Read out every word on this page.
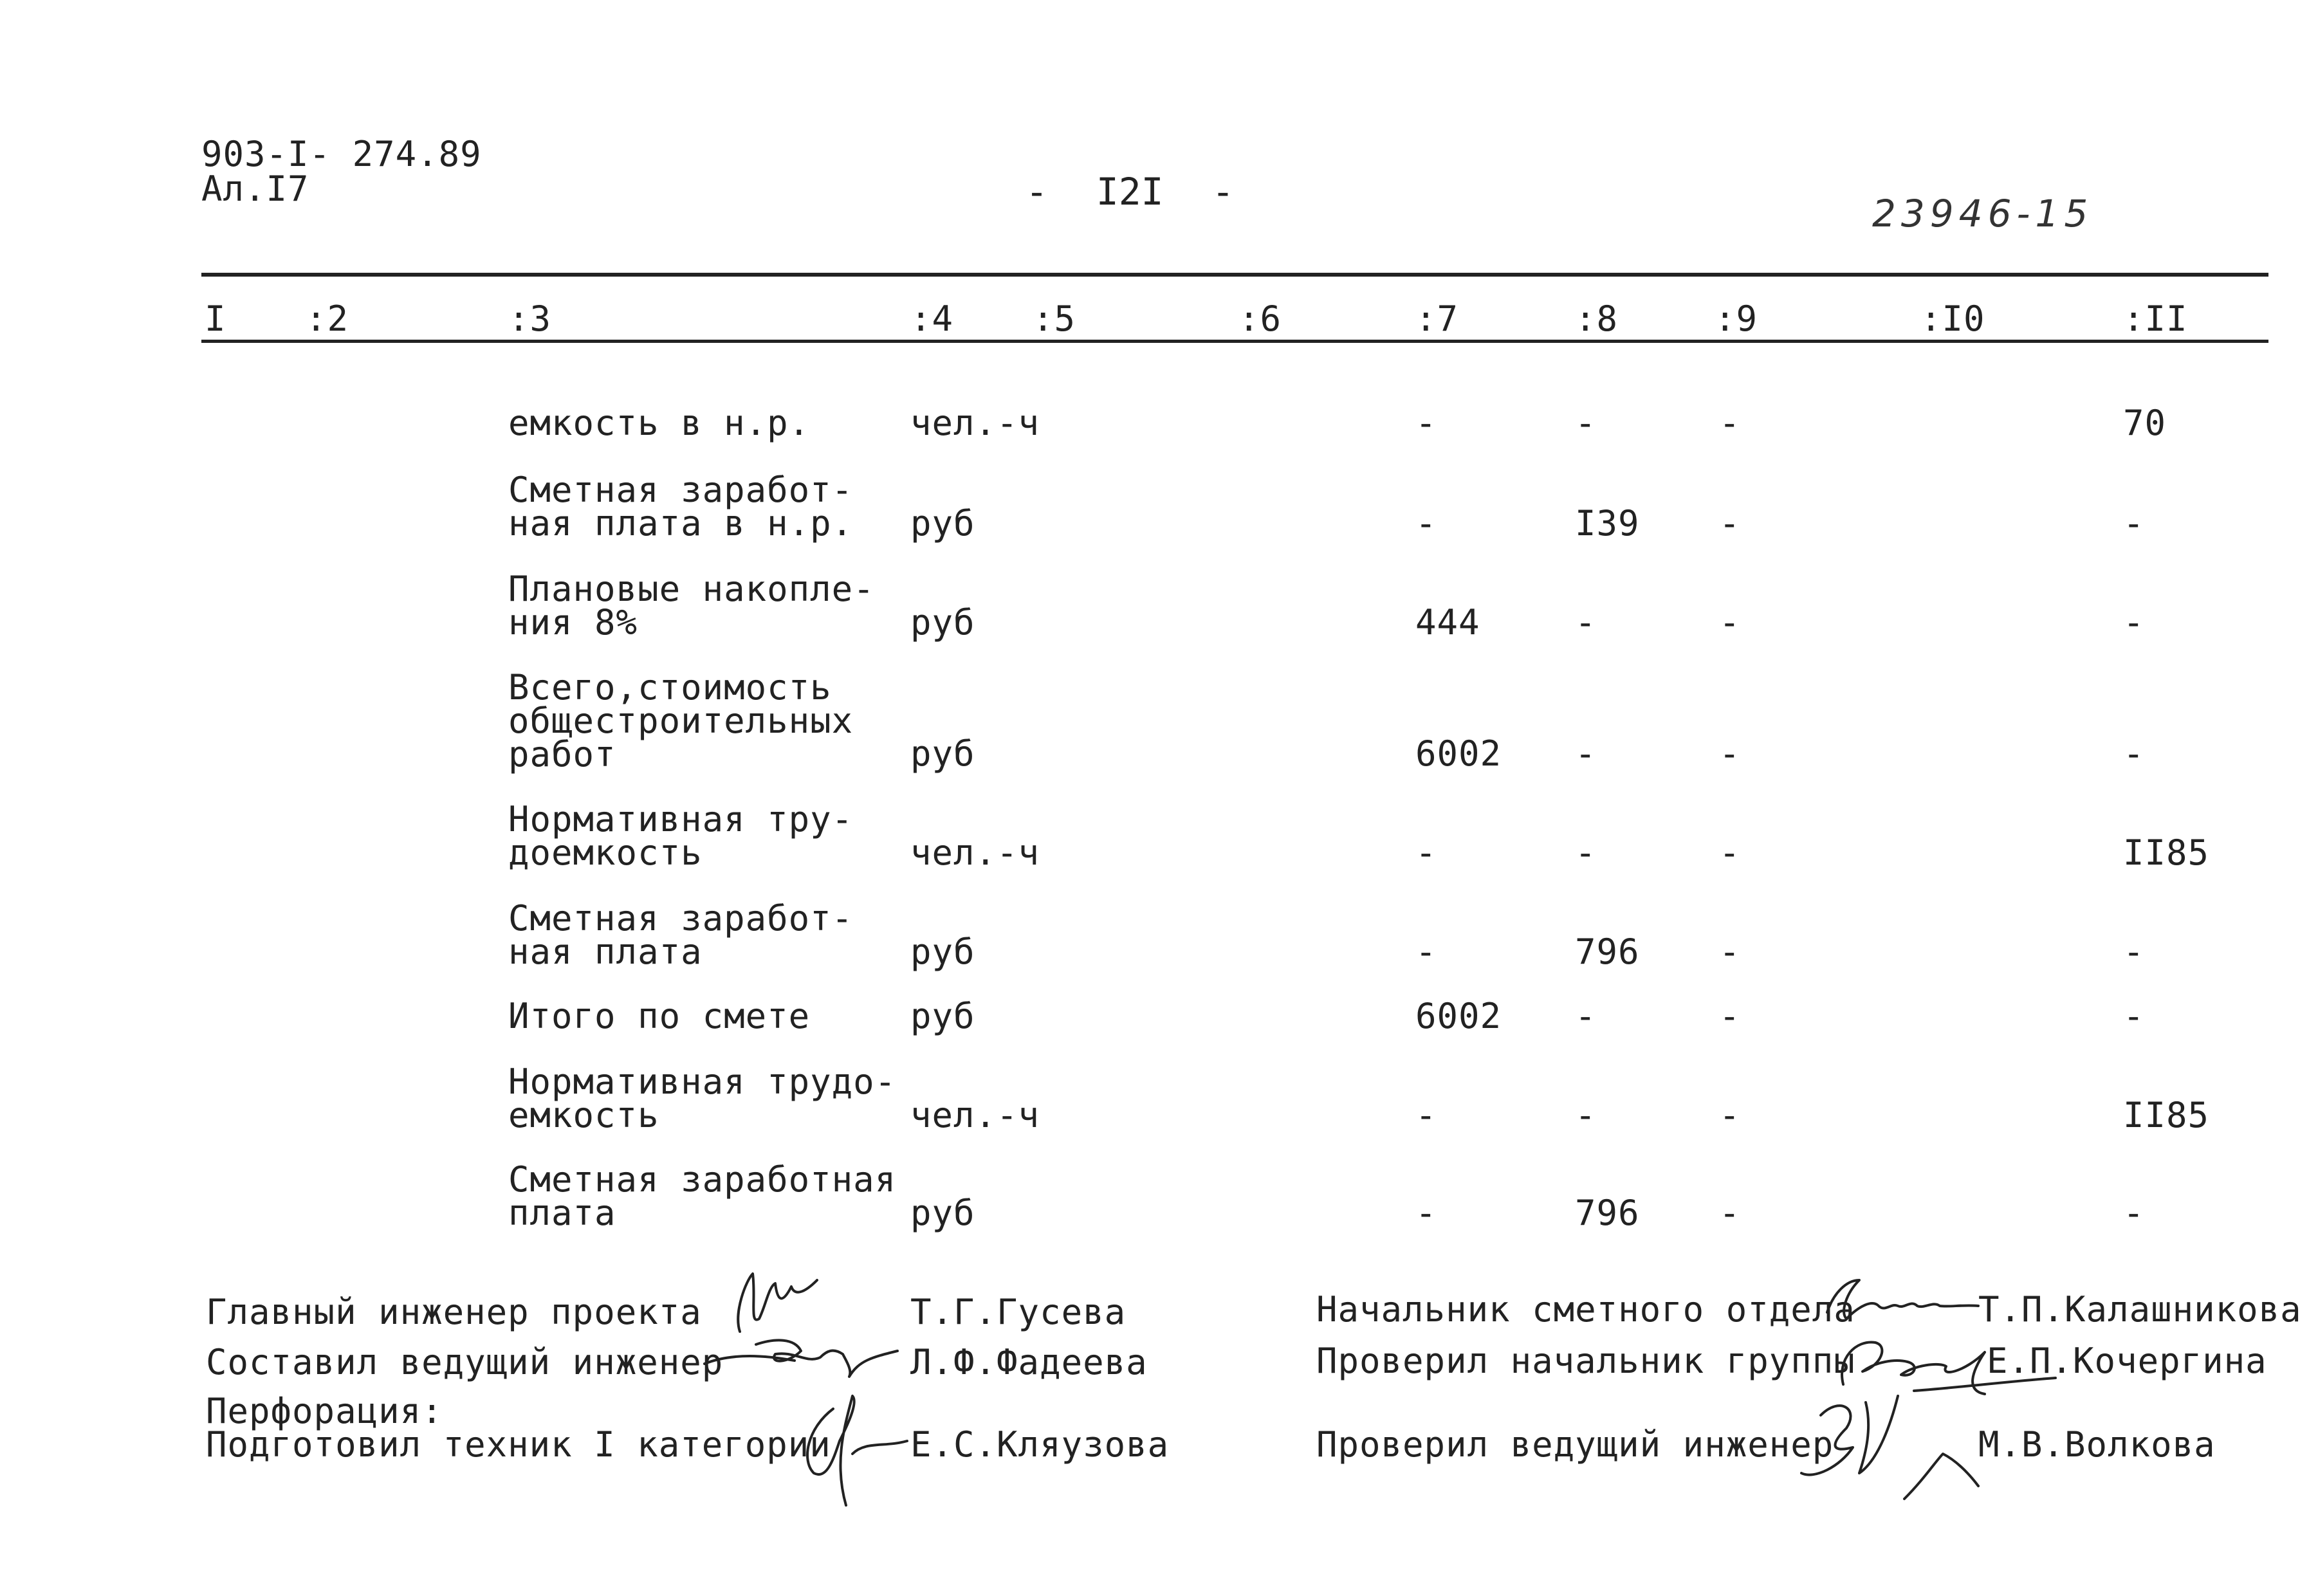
903-I- 274.89
Ал.I7	- I2I -	23946-15
I :2	:3	:4 :5	:6	:7	:8	:9	:I0	:II
емкость в н.р.	чел.-ч	-	-	-	70
Сметная заработ-
ная плата в н.р. руб	-	I39 -	-
Плановые накопле-
ния 8%	руб	444	-	-	-
Всего,стоимость
общестроительных
работ	руб	6002 -	-	-
Нормативная тру-
доемкость	чел.-ч	-	-	-	II85
Сметная заработ-
ная плата	руб	-	796 -	-
Итого по смете	руб	6002 -	-	-
Нормативная трудо-
емкость	чел.-ч	-	-	-	II85
Сметная заработная
плата	руб	-	796 -	-
Главный инженер проекта	Т.Г.Гусева
Составил ведущий инженер	Л.Ф.Фадеева
Перфорация:
Подготовил техник I категории Е.С.Кляузова
Начальник сметного отдела	Т.П.Калашникова
Проверил начальник группы	Е.П.Кочергина
Проверил ведущий инженер	М.В.Волкова
